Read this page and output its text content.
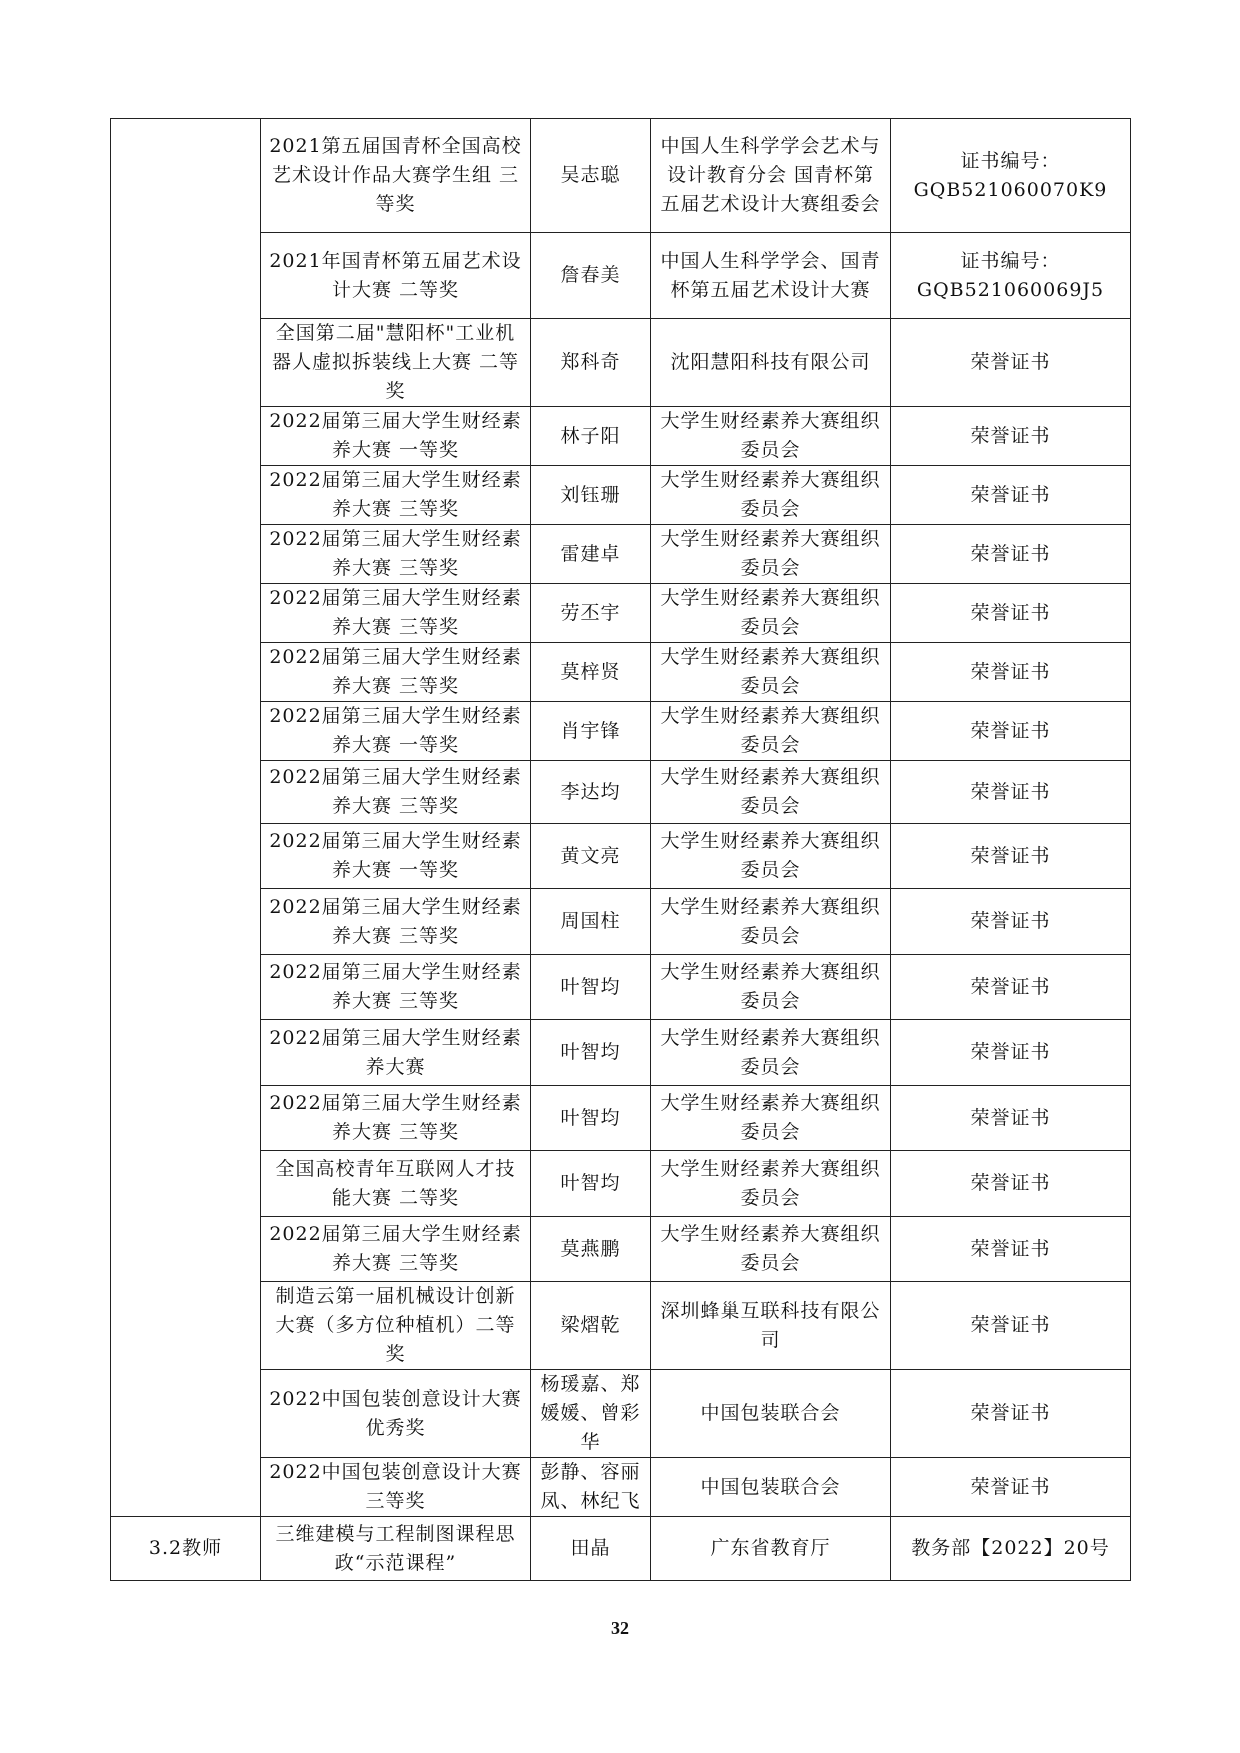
	2021第五届国青杯全国高校艺术设计作品大赛学生组 三等奖	吴志聪	中国人生科学学会艺术与设计教育分会 国青杯第五届艺术设计大赛组委会	证书编号：GQB521060070K9
	2021年国青杯第五届艺术设计大赛 二等奖	詹春美	中国人生科学学会、国青杯第五届艺术设计大赛	证书编号：GQB521060069J5
	全国第二届"慧阳杯"工业机器人虚拟拆装线上大赛 二等奖	郑科奇	沈阳慧阳科技有限公司	荣誉证书
	2022届第三届大学生财经素养大赛 一等奖	林子阳	大学生财经素养大赛组织委员会	荣誉证书
	2022届第三届大学生财经素养大赛 三等奖	刘钰珊	大学生财经素养大赛组织委员会	荣誉证书
	2022届第三届大学生财经素养大赛 三等奖	雷建卓	大学生财经素养大赛组织委员会	荣誉证书
	2022届第三届大学生财经素养大赛 三等奖	劳丕宇	大学生财经素养大赛组织委员会	荣誉证书
	2022届第三届大学生财经素养大赛 三等奖	莫梓贤	大学生财经素养大赛组织委员会	荣誉证书
	2022届第三届大学生财经素养大赛 一等奖	肖宇锋	大学生财经素养大赛组织委员会	荣誉证书
	2022届第三届大学生财经素养大赛 三等奖	李达均	大学生财经素养大赛组织委员会	荣誉证书
	2022届第三届大学生财经素养大赛 一等奖	黄文亮	大学生财经素养大赛组织委员会	荣誉证书
	2022届第三届大学生财经素养大赛 三等奖	周国柱	大学生财经素养大赛组织委员会	荣誉证书
	2022届第三届大学生财经素养大赛 三等奖	叶智均	大学生财经素养大赛组织委员会	荣誉证书
	2022届第三届大学生财经素养大赛	叶智均	大学生财经素养大赛组织委员会	荣誉证书
	2022届第三届大学生财经素养大赛 三等奖	叶智均	大学生财经素养大赛组织委员会	荣誉证书
	全国高校青年互联网人才技能大赛 二等奖	叶智均	大学生财经素养大赛组织委员会	荣誉证书
	2022届第三届大学生财经素养大赛 三等奖	莫燕鹏	大学生财经素养大赛组织委员会	荣誉证书
	制造云第一届机械设计创新大赛（多方位种植机）二等奖	梁熠乾	深圳蜂巢互联科技有限公司	荣誉证书
	2022中国包装创意设计大赛 优秀奖	杨瑗嘉、郑媛媛、曾彩华	中国包装联合会	荣誉证书
	2022中国包装创意设计大赛 三等奖	彭静、容丽凤、林纪飞	中国包装联合会	荣誉证书
3.2教师	三维建模与工程制图课程思政“示范课程”	田晶	广东省教育厅	教务部【2022】20号
32
